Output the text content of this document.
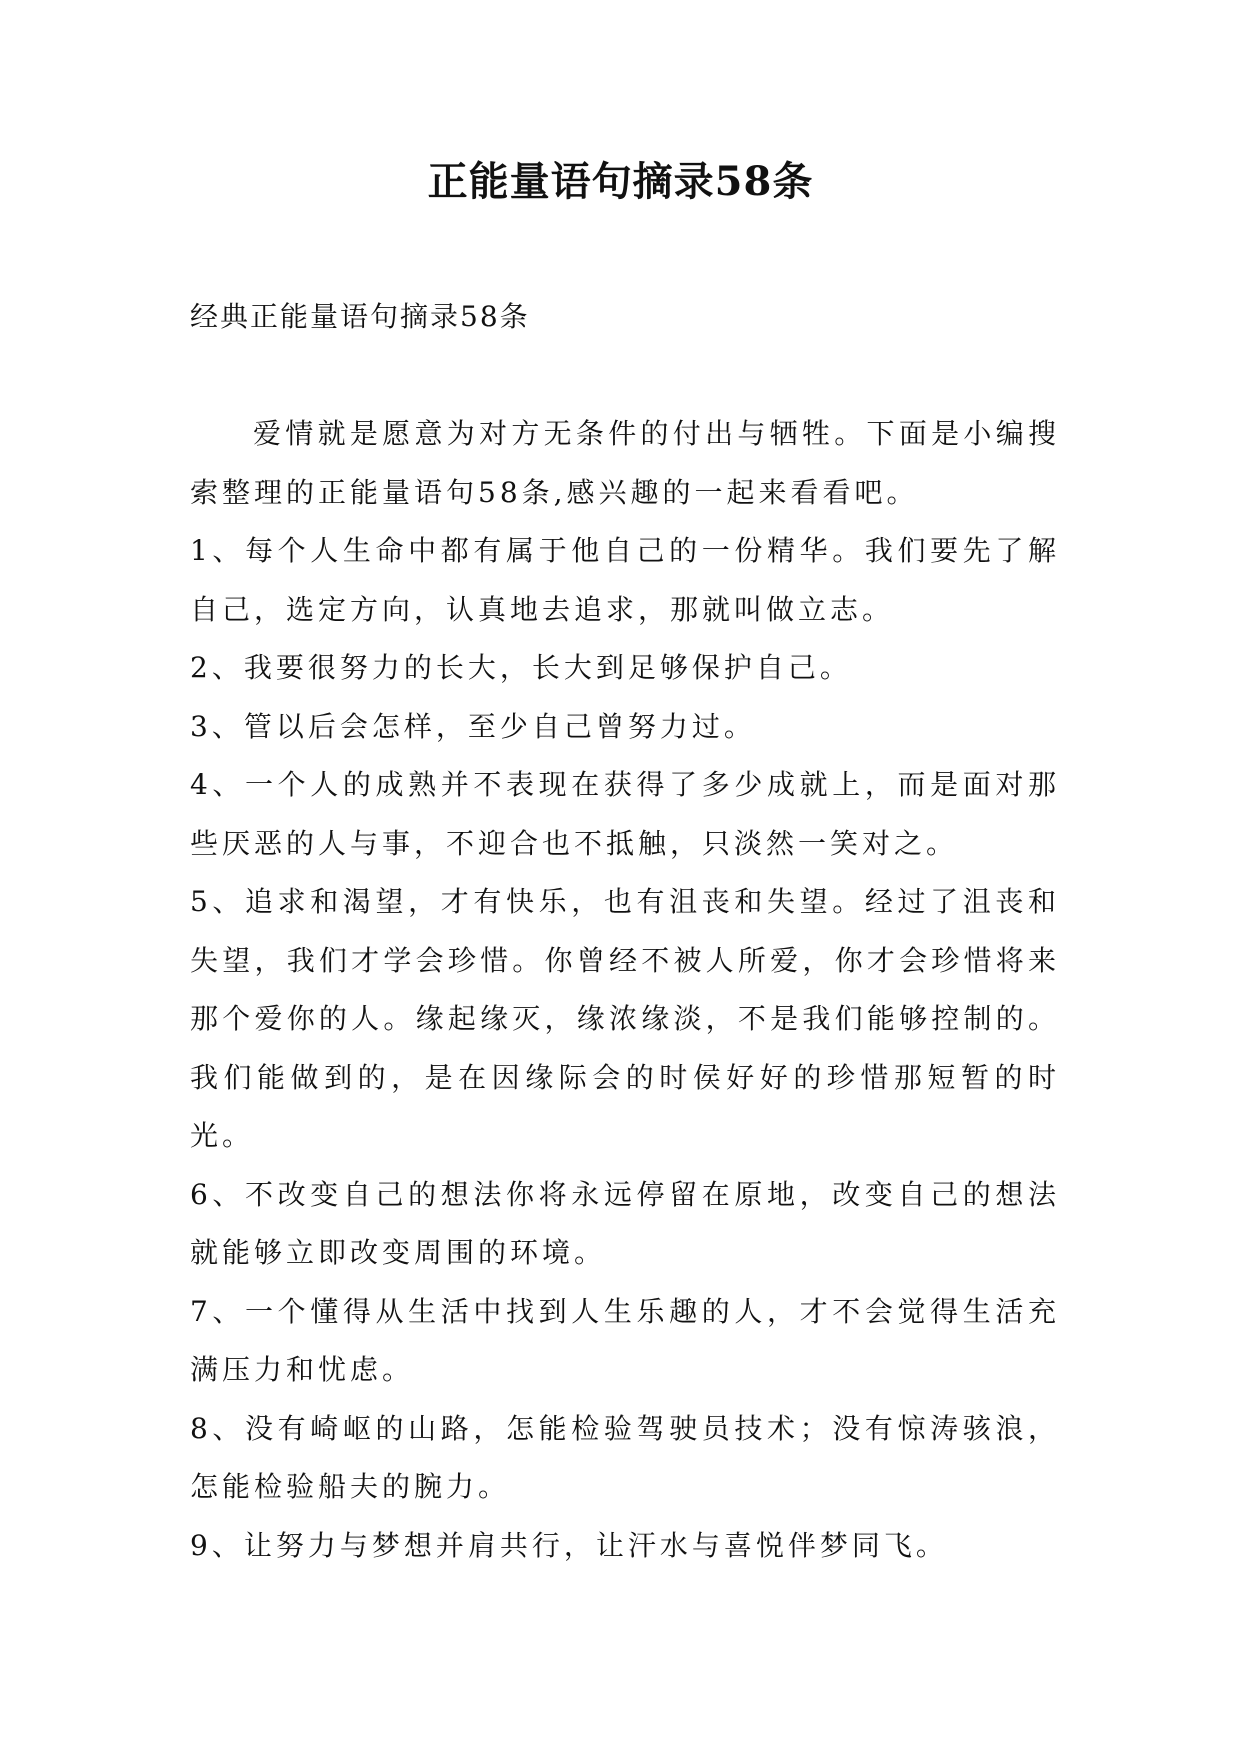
正能量语句摘录58条

经典正能量语句摘录58条

爱情就是愿意为对方无条件的付出与牺牲。下面是小编搜索整理的正能量语句58条,感兴趣的一起来看看吧。

1、每个人生命中都有属于他自己的一份精华。我们要先了解自己，选定方向，认真地去追求，那就叫做立志。

2、我要很努力的长大，长大到足够保护自己。

3、管以后会怎样，至少自己曾努力过。

4、一个人的成熟并不表现在获得了多少成就上，而是面对那些厌恶的人与事，不迎合也不抵触，只淡然一笑对之。

5、追求和渴望，才有快乐，也有沮丧和失望。经过了沮丧和失望，我们才学会珍惜。你曾经不被人所爱，你才会珍惜将来那个爱你的人。缘起缘灭，缘浓缘淡，不是我们能够控制的。我们能做到的，是在因缘际会的时侯好好的珍惜那短暂的时光。

6、不改变自己的想法你将永远停留在原地，改变自己的想法就能够立即改变周围的环境。

7、一个懂得从生活中找到人生乐趣的人，才不会觉得生活充满压力和忧虑。

8、没有崎岖的山路，怎能检验驾驶员技术；没有惊涛骇浪，怎能检验船夫的腕力。

9、让努力与梦想并肩共行，让汗水与喜悦伴梦同飞。
